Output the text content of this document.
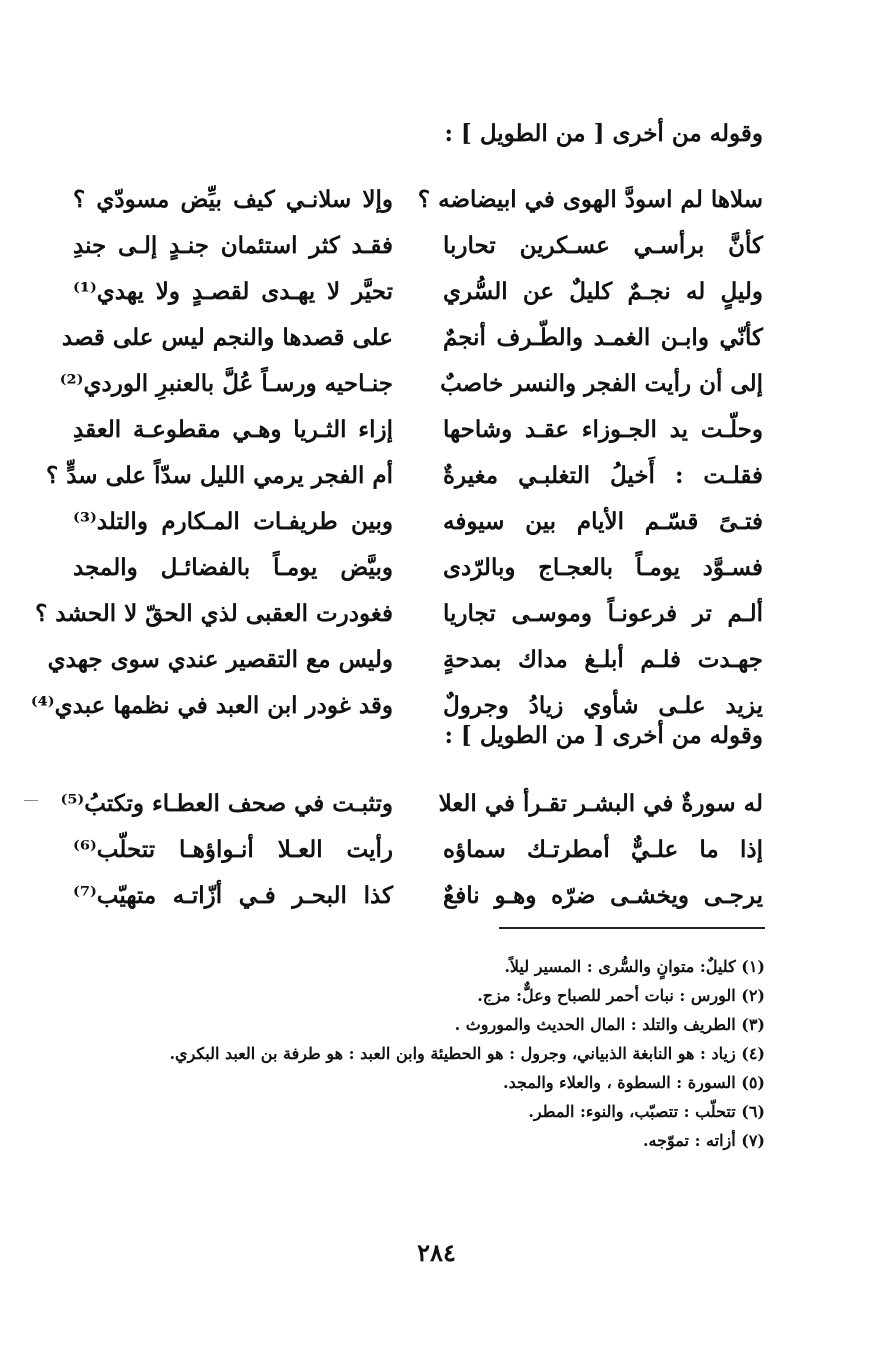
وقوله من أخرى [ من الطويل ] :
سلاها لم اسودَّ الهوى في ابيضاضه ؟
وإلا سلانـي كيف بيِّض مسودّي ؟
كأنَّ برأسـي عسـكرين تحاربا
فقـد كثر استئمان جنـدٍ إلـى جندِ
وليلٍ له نجـمٌ كليلٌ عن السُّري
تحيَّر لا يهـدى لقصـدٍ ولا يهدي⁽¹⁾
كأنّي وابـن الغمـد والطّـرف أنجمٌ
على قصدها والنجم ليس على قصد
إلى أن رأيت الفجر والنسر خاصبٌ
جنـاحيه ورسـاً عُلَّ بالعنبرِ الوردي⁽²⁾
وحلّـت يد الجـوزاء عقـد وشاحها
إزاء الثـريا وهـي مقطوعـة العقدِ
فقلـت : أَخيلُ التغلبـي مغيرةٌ
أم الفجر يرمي الليل سدّاً على سدٍّ ؟
فتـىً قسّـم الأيام بين سيوفه
وبين طريفـات المـكارم والتلد⁽³⁾
فسـوَّد يومـاً بالعجـاج وبالرّدى
وبيَّض يومـاً بالفضائـل والمجد
ألـم تر فرعونـاً وموسـى تجاريا
فغودرت العقبى لذي الحقّ لا الحشد ؟
جهـدت فلـم أبلـغ مداك بمدحةٍ
وليس مع التقصير عندي سوى جهدي
يزيد علـى شأوي زيادُ وجرولٌ
وقد غودر ابن العبد في نظمها عبدي⁽⁴⁾
وقوله من أخرى [ من الطويل ] :
له سورةٌ في البشـر تقـرأ في العلا
وتثبـت في صحف العطـاء وتكتبُ⁽⁵⁾
إذا ما علـيٌّ أمطرتـك سماؤه
رأيت العـلا أنـواؤهـا تتحلّب⁽⁶⁾
يرجـى ويخشـى ضرّه وهـو نافعٌ
كذا البحـر فـي أزّاتـه متهيّب⁽⁷⁾
(١) كليلٌ: متوانٍ والسُّرى : المسير ليلاً.
(٢) الورس : نبات أحمر للصباح وعلٌّ: مزج.
(٣) الطريف والتلد : المال الحديث والموروث .
(٤) زياد : هو النابغة الذبياني، وجرول : هو الحطيئة وابن العبد : هو طرفة بن العبد البكري.
(٥) السورة : السطوة ، والعلاء والمجد.
(٦) تتحلّب : تتصبّب، والنوء: المطر.
(٧) أزاته : تموّجه.
٢٨٤
